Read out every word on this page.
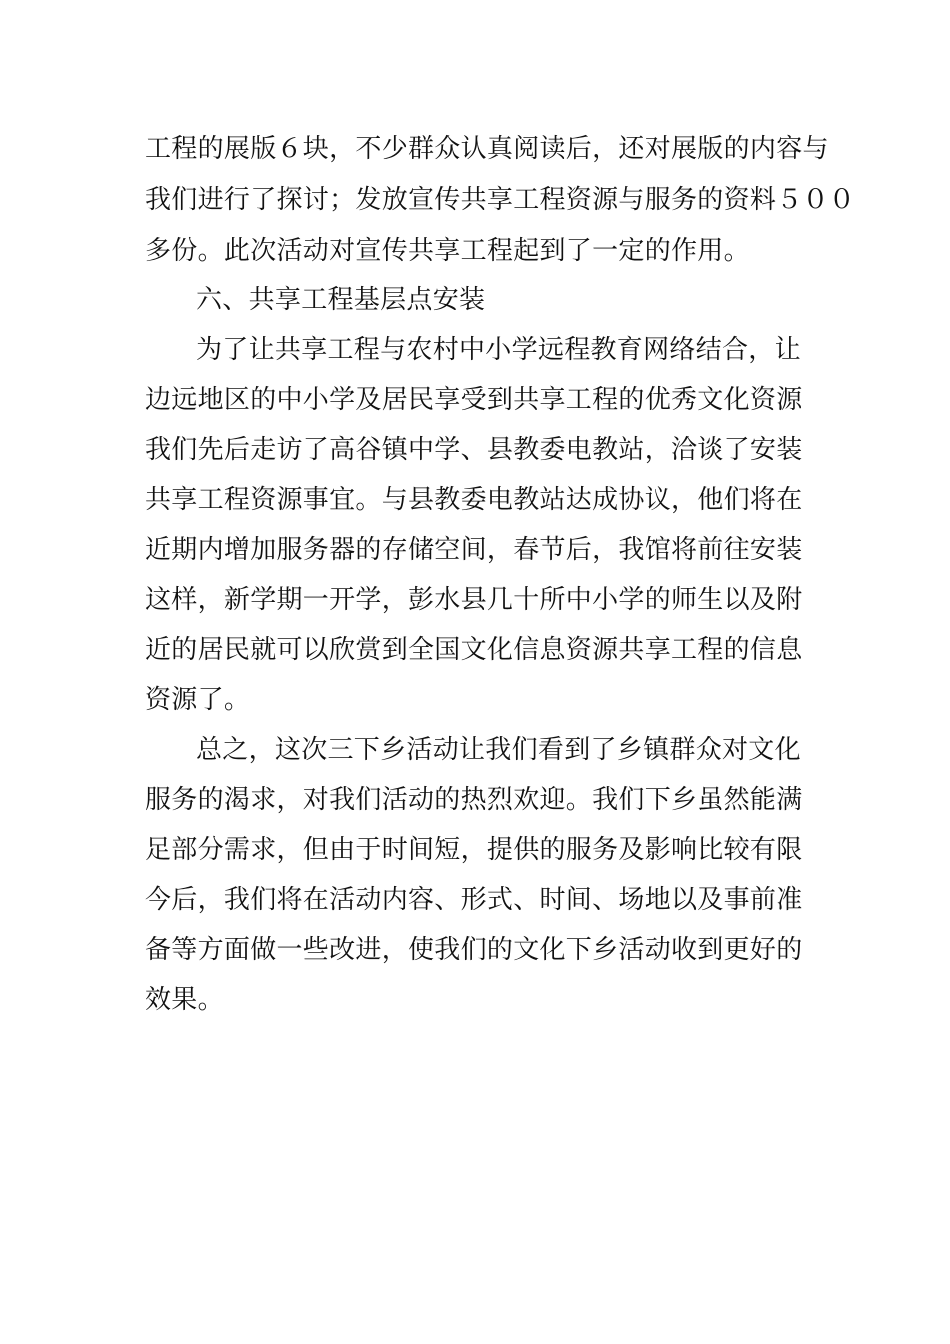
工程的展版６块，不少群众认真阅读后，还对展版的内容与
我们进行了探讨；发放宣传共享工程资源与服务的资料５００
多份。此次活动对宣传共享工程起到了一定的作用。
六、共享工程基层点安装
为了让共享工程与农村中小学远程教育网络结合，让
边远地区的中小学及居民享受到共享工程的优秀文化资源
我们先后走访了高谷镇中学、县教委电教站，洽谈了安装
共享工程资源事宜。与县教委电教站达成协议，他们将在
近期内增加服务器的存储空间，春节后，我馆将前往安装
这样，新学期一开学，彭水县几十所中小学的师生以及附
近的居民就可以欣赏到全国文化信息资源共享工程的信息
资源了。
总之，这次三下乡活动让我们看到了乡镇群众对文化
服务的渴求，对我们活动的热烈欢迎。我们下乡虽然能满
足部分需求，但由于时间短，提供的服务及影响比较有限
今后，我们将在活动内容、形式、时间、场地以及事前准
备等方面做一些改进，使我们的文化下乡活动收到更好的
效果。
